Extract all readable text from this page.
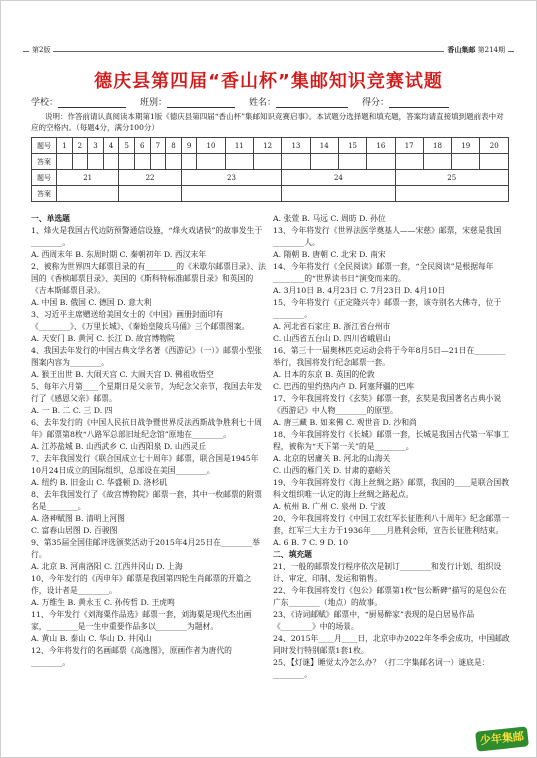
第2版	香山集邮 第214期
德庆县第四届“香山杯”集邮知识竞赛试题
学校：	班别：	姓名：	得分：
说明：作答前请认真阅读本期第1版《德庆县第四届“香山杯”集邮知识竞赛启事》。本试题分选择题和填充题，答案均请直接填到题前表中对应的空格内。（每题4分，满分100分）
题号	1	2	3	4	5	6	7	8	9	10	11	12	13	14	15	16	17	18	19	20
答案																				
题号	21				22				23				24				25			
答案																				

一、单选题

1、烽火是我国古代边防预警通信设施，“烽火戏诸侯”的故事发生于________。

A. 西周末年 B. 东周时期 C. 秦朝初年 D. 西汉末年

2、被称为世界四大邮票目录的有________的《米歇尔邮票目录》、法国的《香槟邮票目录》、美国的《斯科特标准邮票目录》和英国的《吉本斯邮票目录》。

A. 中国 B. 俄国 C. 德国 D. 意大利

3、习近平主席赠送给美国女士的《中国》画册封面印有《________》、《万里长城》、《秦始皇陵兵马俑》三个邮票图案。

A. 天安门 B. 黄河 C. 长江 D. 故宫博物院

4、我国去年发行的中国古典文学名著《西游记》（一）》邮票小型张图案内容为________。

A. 猴王出世 B. 大闹天宫 C. 大闹天宫 D. 佛祖收悟空

5、每年六月第____个星期日是父亲节，为纪念父亲节，我国去年发行了《感恩父亲》邮票。

A. 一 B. 二 C. 三 D. 四

6、去年发行的《中国人民抗日战争暨世界反法西斯战争胜利七十周年》邮票第8枚“八路军总部旧址纪念馆”原地在________。

A. 江苏盐城 B. 山西武乡 C. 山西阳泉 D. 山西灵丘

7、去年我国发行《联合国成立七十周年》邮票，联合国是1945年10月24日成立的国际组织，总部设在美国________。

A. 纽约 B. 旧金山 C. 华盛顿 D. 洛杉矶

8、去年我国发行了《故宫博物院》邮票一套，其中一枚邮票的附票名是________。

A. 洛神赋图 B. 清明上河图

C. 富春山居图 D. 百骏图

9、第35届全国佳邮评选颁奖活动于2015年4月25日在________举行。

A. 北京 B. 河南洛阳 C. 江西井冈山 D. 上海

10、今年发行的《丙申年》邮票是我国第四轮生肖邮票的开篇之作，设计者是________。

A. 万维生 B. 黄永玉 C. 孙传哲 D. 王虎鸣

11、今年发行《刘海粟作品选》邮票一套，刘海粟是现代杰出画家，________是一生中重要作品多以________为题材。

A. 黄山 B. 泰山 C. 华山 D. 井冈山

12、今年将发行的名画邮票《高逸图》，原画作者为唐代的________。

A. 张萱 B. 马远 C. 周昉 D. 孙位

13、今年将发行《世界法医学奠基人——宋慈》邮票，宋慈是我国________人。

A. 隋朝 B. 唐朝 C. 北宋 D. 南宋

14、今年将发行《全民阅读》邮票一套，“全民阅读”是根据每年________的“世界读书日”演变而来的。

A. 3月10日 B. 4月23日 C. 7月23日 D. 4月10日

15、今年将发行《正定隆兴寺》邮票一套，该寺别名大佛寺，位于________。

A. 河北省石家庄 B. 浙江省台州市

C. 山西省五台山 D. 四川省峨眉山

16、第三十一届奥林匹克运动会将于今年8月5日—21日在________举行，我国将发行纪念邮票一套。

A. 日本的东京 B. 英国的伦敦

C. 巴西的里约热内卢 D. 阿塞拜疆的巴库

17、今年我国将发行《玄奘》邮票一套，玄奘是我国著名古典小说《西游记》中人物________的原型。

A. 唐三藏 B. 如来佛 C. 观世音 D. 沙和尚

18、今年我国将发行《长城》邮票一套，长城是我国古代第一军事工程，被称为“天下第一关”的是________。

A. 北京的居庸关 B. 河北的山海关

C. 山西的雁门关 D. 甘肃的嘉峪关

19、今年我国将发行《海上丝绸之路》邮票，我国的____是联合国教科文组织唯一认定的海上丝绸之路起点。

A. 杭州 B. 广州 C. 泉州 D. 宁波

20、今年我国将发行《中国工农红军长征胜利八十周年》纪念邮票一套，红军三大主力于1936年____月胜利会师，宣告长征胜利结束。

A. 6 B. 7 C. 9 D. 10

二、填充题

21、一般的邮票发行程序依次是制订________和发行计划、组织设计、审定、印制、发运和销售。

22、今年我国将发行《包公》邮票第1枚“包公断碑”描写的是包公在广东________（地点）的故事。

23、《诗词邮赋》邮票中，“厨易醉家”表现的是白居易作品《________》中的场景。

24、2015年____月____日，北京申办2022年冬季会成功，中国邮政同时发行特别邮票1套1枚。

25、【灯谜】睡觉太冷怎么办？（打二字集邮名词一）谜底是：________。

少年集邮
